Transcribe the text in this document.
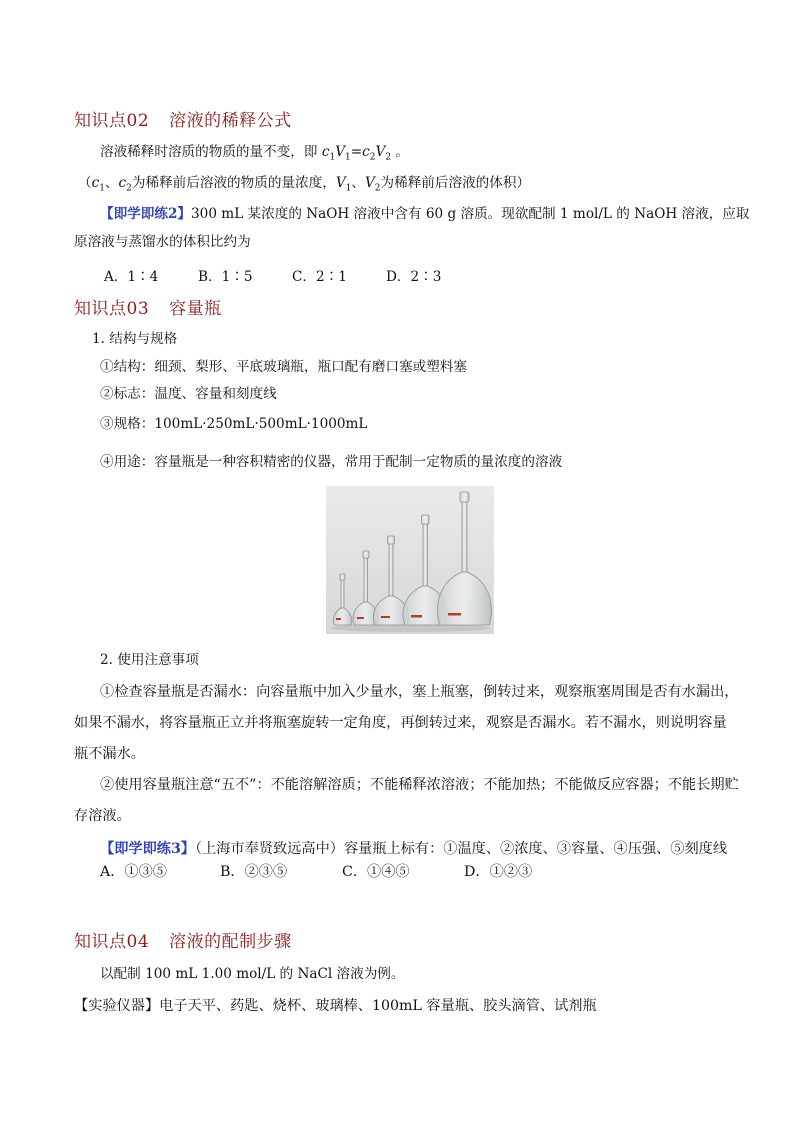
知识点02 溶液的稀释公式
溶液稀释时溶质的物质的量不变，即 $c_1V_1=c_2V_2$ 。
（$c_1$、$c_2$为稀释前后溶液的物质的量浓度，$V_1$、$V_2$为稀释前后溶液的体积）
【即学即练2】300 mL 某浓度的 NaOH 溶液中含有 60 g 溶质。现欲配制 1 mol/L 的 NaOH 溶液，应取
原溶液与蒸馏水的体积比约为
A．1∶4	B．1∶5	C．2∶1	D．2∶3
知识点03 容量瓶
1. 结构与规格
①结构：细颈、梨形、平底玻璃瓶，瓶口配有磨口塞或塑料塞
②标志：温度、容量和刻度线
③规格：100mL·250mL·500mL·1000mL
④用途：容量瓶是一种容积精密的仪器，常用于配制一定物质的量浓度的溶液
2. 使用注意事项
①检查容量瓶是否漏水：向容量瓶中加入少量水，塞上瓶塞，倒转过来，观察瓶塞周围是否有水漏出，
如果不漏水，将容量瓶正立并将瓶塞旋转一定角度，再倒转过来，观察是否漏水。若不漏水，则说明容量
瓶不漏水。
②使用容量瓶注意“五不”：不能溶解溶质；不能稀释浓溶液；不能加热；不能做反应容器；不能长期贮
存溶液。
【即学即练3】（上海市奉贤致远高中）容量瓶上标有：①温度、②浓度、③容量、④压强、⑤刻度线
A．①③⑤	B．②③⑤	C．①④⑤	D．①②③
知识点04 溶液的配制步骤
以配制 100 mL 1.00 mol/L 的 NaCl 溶液为例。
【实验仪器】电子天平、药匙、烧杯、玻璃棒、100mL 容量瓶、胶头滴管、试剂瓶
